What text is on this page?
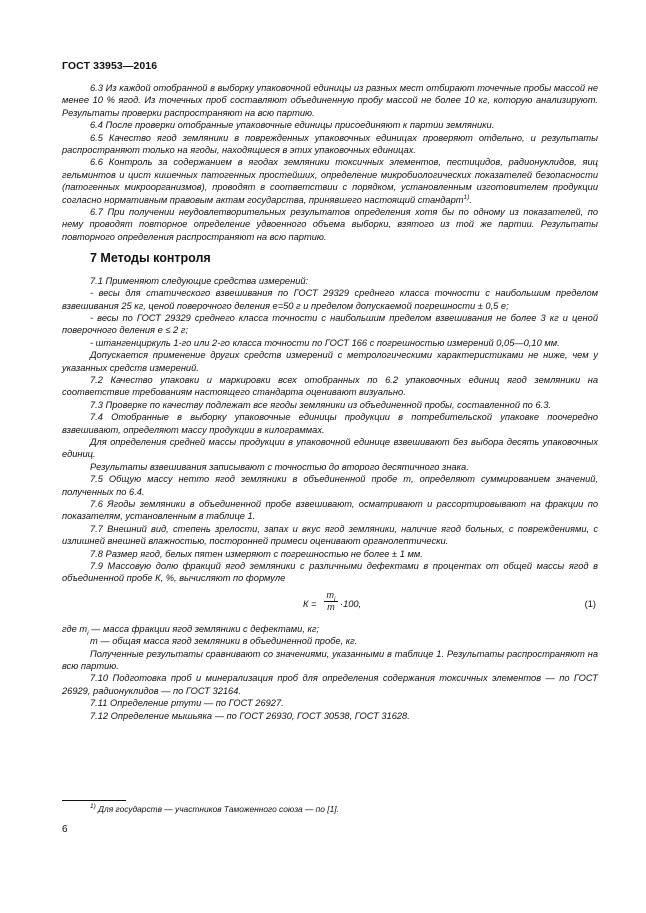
ГОСТ 33953—2016

6.3 Из каждой отобранной в выборку упаковочной единицы из разных мест отбирают точечные пробы массой не менее 10 % ягод. Из точечных проб составляют объединенную пробу массой не более 10 кг, которую анализируют. Результаты проверки распространяют на всю партию.

6.4 После проверки отобранные упаковочные единицы присоединяют к партии земляники.

6.5 Качество ягод земляники в поврежденных упаковочных единицах проверяют отдельно, и результаты распространяют только на ягоды, находящиеся в этих упаковочных единицах.

6.6 Контроль за содержанием в ягодах земляники токсичных элементов, пестицидов, радионуклидов, яиц гельминтов и цист кишечных патогенных простейших, определение микробиологических показателей безопасности (патогенных микроорганизмов), проводят в соответствии с порядком, установленным изготовителем продукции согласно нормативным правовым актам государства, принявшего настоящий стандарт$^{1)}$.

6.7 При получении неудовлетворительных результатов определения хотя бы по одному из показателей, по нему проводят повторное определение удвоенного объема выборки, взятого из той же партии. Результаты повторного определения распространяют на всю партию.

7 Методы контроля

7.1 Применяют следующие средства измерений:

- весы для статического взвешивания по ГОСТ 29329 среднего класса точности с наибольшим пределом взвешивания 25 кг, ценой поверочного деления е=50 г и пределом допускаемой погрешности ± 0,5 е;

- весы по ГОСТ 29329 среднего класса точности с наибольшим пределом взвешивания не более 3 кг и ценой поверочного деления е ≤ 2 г;

- штангенциркуль 1-го или 2-го класса точности по ГОСТ 166 с погрешностью измерений 0,05—0,10 мм.

Допускается применение других средств измерений с метрологическими характеристиками не ниже, чем у указанных средств измерений.

7.2 Качество упаковки и маркировки всех отобранных по 6.2 упаковочных единиц ягод земляники на соответствие требованиям настоящего стандарта оценивают визуально.

7.3 Проверке по качеству подлежат все ягоды земляники из объединенной пробы, составленной по 6.3.

7.4 Отобранные в выборку упаковочные единицы продукции в потребительской упаковке поочередно взвешивают, определяют массу продукции в килограммах.

Для определения средней массы продукции в упаковочной единице взвешивают без выбора десять упаковочных единиц.

Результаты взвешивания записывают с точностью до второго десятичного знака.

7.5 Общую массу нетто ягод земляники в объединенной пробе m, определяют суммированием значений, полученных по 6.4.

7.6 Ягоды земляники в объединенной пробе взвешивают, осматривают и рассортировывают на фракции по показателям, установленным в таблице 1.

7.7 Внешний вид, степень зрелости, запах и вкус ягод земляники, наличие ягод больных, с повреждениями, с излишней внешней влажностью, посторонней примеси оценивают органолептически.

7.8 Размер ягод, белых пятен измеряют с погрешностью не более ± 1 мм.

7.9 Массовую долю фракций ягод земляники с различными дефектами в процентах от общей массы ягод в объединенной пробе К, %, вычисляют по формуле

$К = \frac{m_i}{m} \cdot 100$,	(1)

где $m_i$ — масса фракции ягод земляники с дефектами, кг;

m — общая масса ягод земляники в объединенной пробе, кг.

Полученные результаты сравнивают со значениями, указанными в таблице 1. Результаты распространяют на всю партию.

7.10 Подготовка проб и минерализация проб для определения содержания токсичных элементов — по ГОСТ 26929, радионуклидов — по ГОСТ 32164.

7.11 Определение ртути — по ГОСТ 26927.

7.12 Определение мышьяка — по ГОСТ 26930, ГОСТ 30538, ГОСТ 31628.

$^{1)}$ Для государств — участников Таможенного союза — по [1].
6
